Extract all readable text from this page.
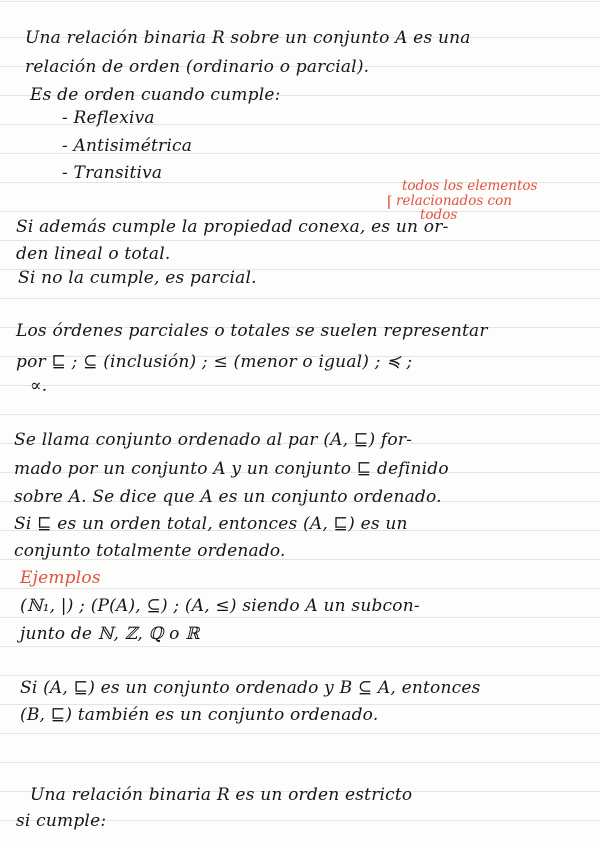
Una relación binaria R sobre un conjunto A es una
relación de orden (ordinario o parcial).
Es de orden cuando cumple:
- Reflexiva
- Antisimétrica
- Transitiva
⌈
todos los elementos
relacionados con
todos
Si además cumple la propiedad conexa, es un or-
den lineal o total.
Si no la cumple, es parcial.
Los órdenes parciales o totales se suelen representar
por ⊑ ; ⊆ (inclusión) ; ≤ (menor o igual) ; ≼ ;
∝.
Se llama conjunto ordenado al par (A, ⊑) for-
mado por un conjunto A y un conjunto ⊑ definido
sobre A. Se dice que A es un conjunto ordenado.
Si ⊑ es un orden total, entonces (A, ⊑) es un
conjunto totalmente ordenado.
Ejemplos
(ℕ₁, |) ; (P(A), ⊆) ; (A, ≤) siendo A un subcon-
junto de ℕ, ℤ, ℚ o ℝ
Si (A, ⊑) es un conjunto ordenado y B ⊆ A, entonces
(B, ⊑) también es un conjunto ordenado.
Una relación binaria R es un orden estricto
si cumple:
